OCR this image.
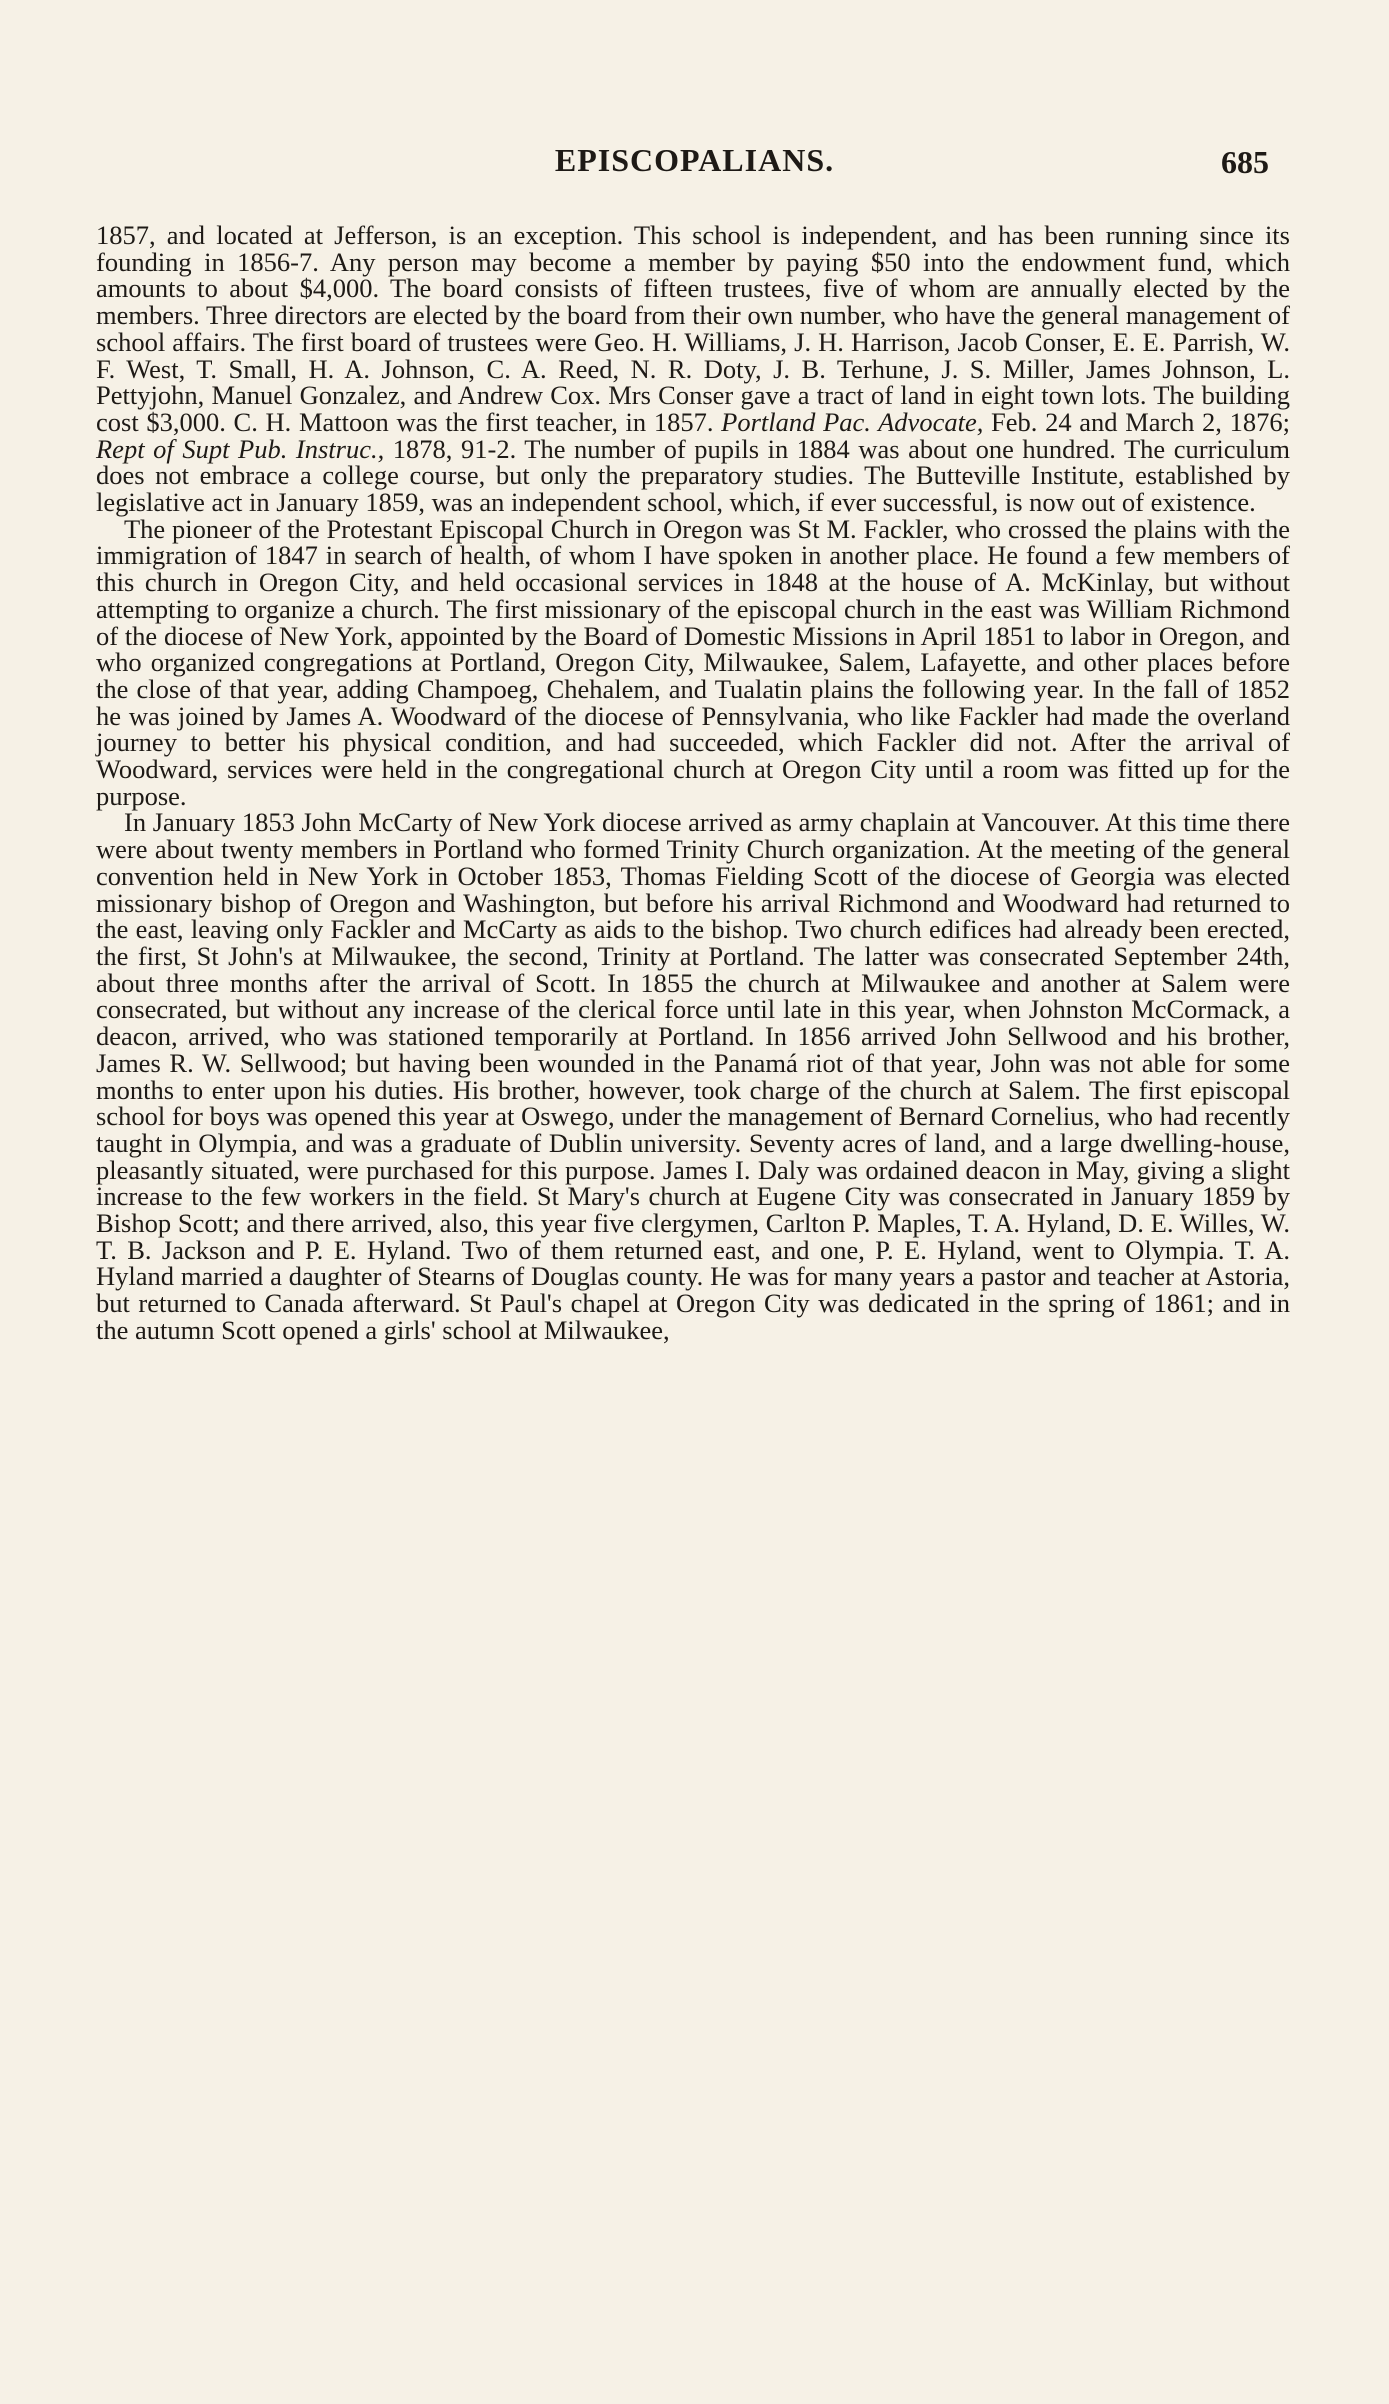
EPISCOPALIANS.	685

1857, and located at Jefferson, is an exception. This school is independent, and has been running since its founding in 1856-7. Any person may become a member by paying $50 into the endowment fund, which amounts to about $4,000. The board consists of fifteen trustees, five of whom are annually elected by the members. Three directors are elected by the board from their own number, who have the general management of school affairs. The first board of trustees were Geo. H. Williams, J. H. Harrison, Jacob Conser, E. E. Parrish, W. F. West, T. Small, H. A. Johnson, C. A. Reed, N. R. Doty, J. B. Terhune, J. S. Miller, James Johnson, L. Pettyjohn, Manuel Gonzalez, and Andrew Cox. Mrs Conser gave a tract of land in eight town lots. The building cost $3,000. C. H. Mattoon was the first teacher, in 1857. Portland Pac. Advocate, Feb. 24 and March 2, 1876; Rept of Supt Pub. Instruc., 1878, 91-2. The number of pupils in 1884 was about one hundred. The curriculum does not embrace a college course, but only the preparatory studies. The Butteville Institute, established by legislative act in January 1859, was an independent school, which, if ever successful, is now out of existence.

The pioneer of the Protestant Episcopal Church in Oregon was St M. Fackler, who crossed the plains with the immigration of 1847 in search of health, of whom I have spoken in another place. He found a few members of this church in Oregon City, and held occasional services in 1848 at the house of A. McKinlay, but without attempting to organize a church. The first missionary of the episcopal church in the east was William Richmond of the diocese of New York, appointed by the Board of Domestic Missions in April 1851 to labor in Oregon, and who organized congregations at Portland, Oregon City, Milwaukee, Salem, Lafayette, and other places before the close of that year, adding Champoeg, Chehalem, and Tualatin plains the following year. In the fall of 1852 he was joined by James A. Woodward of the diocese of Pennsylvania, who like Fackler had made the overland journey to better his physical condition, and had succeeded, which Fackler did not. After the arrival of Woodward, services were held in the congregational church at Oregon City until a room was fitted up for the purpose.

In January 1853 John McCarty of New York diocese arrived as army chaplain at Vancouver. At this time there were about twenty members in Portland who formed Trinity Church organization. At the meeting of the general convention held in New York in October 1853, Thomas Fielding Scott of the diocese of Georgia was elected missionary bishop of Oregon and Washington, but before his arrival Richmond and Woodward had returned to the east, leaving only Fackler and McCarty as aids to the bishop. Two church edifices had already been erected, the first, St John's at Milwaukee, the second, Trinity at Portland. The latter was consecrated September 24th, about three months after the arrival of Scott. In 1855 the church at Milwaukee and another at Salem were consecrated, but without any increase of the clerical force until late in this year, when Johnston McCormack, a deacon, arrived, who was stationed temporarily at Portland. In 1856 arrived John Sellwood and his brother, James R. W. Sellwood; but having been wounded in the Panamá riot of that year, John was not able for some months to enter upon his duties. His brother, however, took charge of the church at Salem. The first episcopal school for boys was opened this year at Oswego, under the management of Bernard Cornelius, who had recently taught in Olympia, and was a graduate of Dublin university. Seventy acres of land, and a large dwelling-house, pleasantly situated, were purchased for this purpose. James I. Daly was ordained deacon in May, giving a slight increase to the few workers in the field. St Mary's church at Eugene City was consecrated in January 1859 by Bishop Scott; and there arrived, also, this year five clergymen, Carlton P. Maples, T. A. Hyland, D. E. Willes, W. T. B. Jackson and P. E. Hyland. Two of them returned east, and one, P. E. Hyland, went to Olympia. T. A. Hyland married a daughter of Stearns of Douglas county. He was for many years a pastor and teacher at Astoria, but returned to Canada afterward. St Paul's chapel at Oregon City was dedicated in the spring of 1861; and in the autumn Scott opened a girls' school at Milwaukee,
